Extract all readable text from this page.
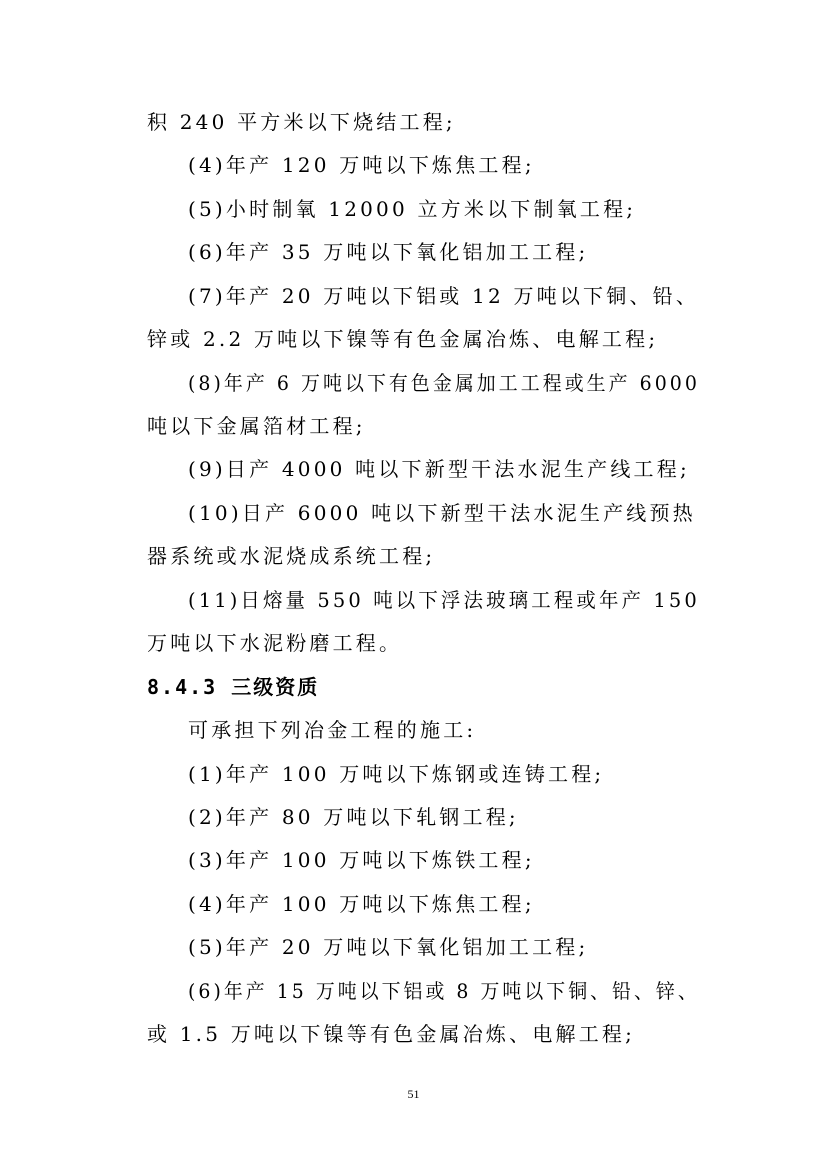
积 240 平方米以下烧结工程;
(4)年产 120 万吨以下炼焦工程;
(5)小时制氧 12000 立方米以下制氧工程;
(6)年产 35 万吨以下氧化铝加工工程;
(7)年产 20 万吨以下铝或 12 万吨以下铜、铅、
锌或 2.2 万吨以下镍等有色金属冶炼、电解工程;
(8)年产 6 万吨以下有色金属加工工程或生产 6000
吨以下金属箔材工程;
(9)日产 4000 吨以下新型干法水泥生产线工程;
(10)日产 6000 吨以下新型干法水泥生产线预热
器系统或水泥烧成系统工程;
(11)日熔量 550 吨以下浮法玻璃工程或年产 150
万吨以下水泥粉磨工程。
8.4.3 三级资质
可承担下列冶金工程的施工:
(1)年产 100 万吨以下炼钢或连铸工程;
(2)年产 80 万吨以下轧钢工程;
(3)年产 100 万吨以下炼铁工程;
(4)年产 100 万吨以下炼焦工程;
(5)年产 20 万吨以下氧化铝加工工程;
(6)年产 15 万吨以下铝或 8 万吨以下铜、铅、锌、
或 1.5 万吨以下镍等有色金属冶炼、电解工程;
51
